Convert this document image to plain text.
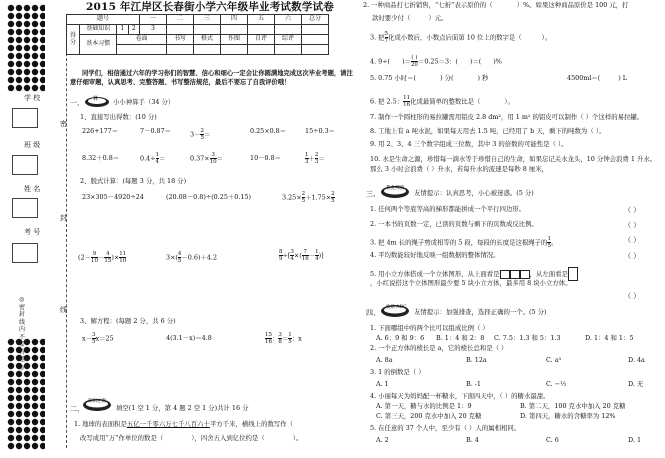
学 校
班 级
姓 名
考 号
密
封
线
◎密封线内不要答题◎
2015 年江岸区长春街小学六年级毕业考试数学试卷
题号				一	二	三	四	五	六	总分
得分	基础知识	1	2	3						
	基本习惯	卷面			书写	格式	作图	自评	综评	

同学们，相信通过六年的学习你们的智慧、信心和细心一定会让你圆满地完成这次毕业考题，请注意仔细审题，认真思考、完整答题、书写整洁规范，最后不要忘了自我评价哦！
一、 算 小小神算手（34 分）
1、直接写出得数：(10 分)
226+177＝	7－0.87＝	$3- \frac{2}{5}$ ＝	0.25×0.8＝	15÷0.3＝
8.32＋0.8＝	$0.4\div \frac{1}{4}$ ＝	$0.37\times \frac{3}{10}$ ＝	10－0.8＝	$\frac{1}{3} + \frac{2}{3}$ ＝
2、脱式计算：(每题 3 分，共 18 分)
23×305－4920÷24	(20.08－0.8)÷(0.25＋0.15)	$3.25\times \frac{2}{5} +1.75\times \frac{2}{5}$
($2- \frac{9}{10} - \frac{4}{15}$ )× $\frac{11}{10}$	$3\times( \frac{4}{5} -0.6)+4.2$	$\frac{8}{9}$ ÷[ $\frac{3}{4}$ ×( $\frac{7}{16} - \frac{1}{4}$ )]
3、解方程：(每题 2 分，共 6 分)
$x- \frac{3}{5} x=25$	4(3.1－x)＝4.8	$\frac{15}{16}$ ： $\frac{3}{8} = \frac{1}{5}$ ：x
二、
知识之窗
填空(1 空 1 分，第 4 题 2 空 1 分)共计 16 分
1. 地球的表面积是五亿一千零六万七千八百六十平方千米，横线上的数写作（
改写成用“万”作单位的数是（	），四舍五入到亿位约是（	）。
2. 一种商品打七折销售，“七折”表示原价的（	）%。如果这种商品原价是 100 元，打
款时要少付（	）元。
3. 把 $\frac{5}{7}$ 化成小数后，小数点后面第 10 位上的数字是（	）。
4. 9÷( )＝ $\frac{( )}{20} =0.25=3$：( )＝( )%
5. 0.75 小时＝(	) 分(	) 秒	4500ml＝(	) L
6. 把 2.5： $\frac{11}{16}$ 化成最简单的整数比是（	）。
7. 制作一个圆柱形的易拉罐需用铝皮 2.8 dm²，用 1 m² 的铝皮可以制作（ ）个这样的易拉罐。
8. 工地上有 a 吨水泥，如果每天用去 1.5 吨，已经用了 b 天，剩下的吨数为（ ）。
9. 用 2、3、4 三个数字组成三位数，其中 3 的倍数的可能性是（ ）。
10. 水是生命之源，珍惜每一滴水等于珍惜自己的生命，如果忘记关水龙头，10 分钟会浪费 1 升水。那么 3 小时会浪费（ ）升水，若每升水的流速是每秒 8 厘米，
三、
我会判断
友情提示：认真思考，小心被迷惑。(5 分)
1. 任何两个等底等高的梯形都能拼成一个平行四边形。
2. 一本书的页数一定，已读的页数与剩下的页数成反比例。
3. 把 4m 长的绳子剪成相等的 5 段，每段的长度是这根绳子的 $\frac{1}{5}$ 。
4. 平均数能较好地反映一组数据的整体情况。
5. 用小立方体搭成一个立体图形，从上面看是	，从左面看是
，小红说搭这个立体图形最少要 5 块小立方体，最多用 8 块小立方体。
（ ）
（ ）
（ ）
（ ）
（ ）
四、
快乐 ABC
友情提示：加强排查，选择正确的一个。(5 分)
1. 下面哪组中的两个比可以组成比例（ ）
A. 6：9 和 9：6 B. 1：4 和 2：8 C. 7.5：1.3 和 5：1.3	D. 1：4 和 1：5
2. 一个正方体的棱长是 a，它的棱长总和是（ ）
A. 8a	B. 12a	C. a³	D. 4a
3. 1 的倒数是（ ）
A. 1	B. -1	C. −½	D. 无
4. 小丽每天为妈妈配一杯糖水，下面四天中，（ ）的糖水最甜。
A. 第一天，糖与水的比例是 1：9	B. 第二天，100 克水中加入 20 克糖
C. 第三天，200 克水中加入 20 克糖	D. 第四天，糖水的含糖率为 12%
5. 在任意的 37 个人中，至少有（ ）人的属相相同。
A. 2	B. 4	C. 6	D. 1
